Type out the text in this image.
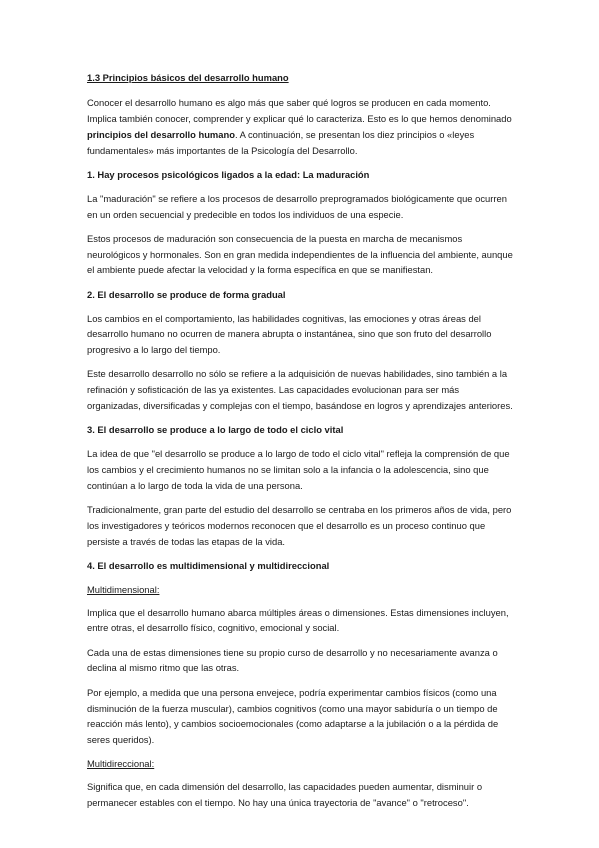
1.3 Principios básicos del desarrollo humano

Conocer el desarrollo humano es algo más que saber qué logros se producen en cada momento. Implica también conocer, comprender y explicar qué lo caracteriza. Esto es lo que hemos denominado principios del desarrollo humano. A continuación, se presentan los diez principios o «leyes fundamentales» más importantes de la Psicología del Desarrollo.

1. Hay procesos psicológicos ligados a la edad: La maduración

La "maduración" se refiere a los procesos de desarrollo preprogramados biológicamente que ocurren en un orden secuencial y predecible en todos los individuos de una especie.

Estos procesos de maduración son consecuencia de la puesta en marcha de mecanismos neurológicos y hormonales. Son en gran medida independientes de la influencia del ambiente, aunque el ambiente puede afectar la velocidad y la forma específica en que se manifiestan.

2. El desarrollo se produce de forma gradual

Los cambios en el comportamiento, las habilidades cognitivas, las emociones y otras áreas del desarrollo humano no ocurren de manera abrupta o instantánea, sino que son fruto del desarrollo progresivo a lo largo del tiempo.

Este desarrollo desarrollo no sólo se refiere a la adquisición de nuevas habilidades, sino también a la refinación y sofisticación de las ya existentes. Las capacidades evolucionan para ser más organizadas, diversificadas y complejas con el tiempo, basándose en logros y aprendizajes anteriores.

3. El desarrollo se produce a lo largo de todo el ciclo vital

La idea de que "el desarrollo se produce a lo largo de todo el ciclo vital" refleja la comprensión de que los cambios y el crecimiento humanos no se limitan solo a la infancia o la adolescencia, sino que continúan a lo largo de toda la vida de una persona.

Tradicionalmente, gran parte del estudio del desarrollo se centraba en los primeros años de vida, pero los investigadores y teóricos modernos reconocen que el desarrollo es un proceso continuo que persiste a través de todas las etapas de la vida.

4. El desarrollo es multidimensional y multidireccional

Multidimensional:

Implica que el desarrollo humano abarca múltiples áreas o dimensiones. Estas dimensiones incluyen, entre otras, el desarrollo físico, cognitivo, emocional y social.

Cada una de estas dimensiones tiene su propio curso de desarrollo y no necesariamente avanza o declina al mismo ritmo que las otras.

Por ejemplo, a medida que una persona envejece, podría experimentar cambios físicos (como una disminución de la fuerza muscular), cambios cognitivos (como una mayor sabiduría o un tiempo de reacción más lento), y cambios socioemocionales (como adaptarse a la jubilación o a la pérdida de seres queridos).

Multidireccional:

Significa que, en cada dimensión del desarrollo, las capacidades pueden aumentar, disminuir o permanecer estables con el tiempo. No hay una única trayectoria de "avance" o "retroceso".
